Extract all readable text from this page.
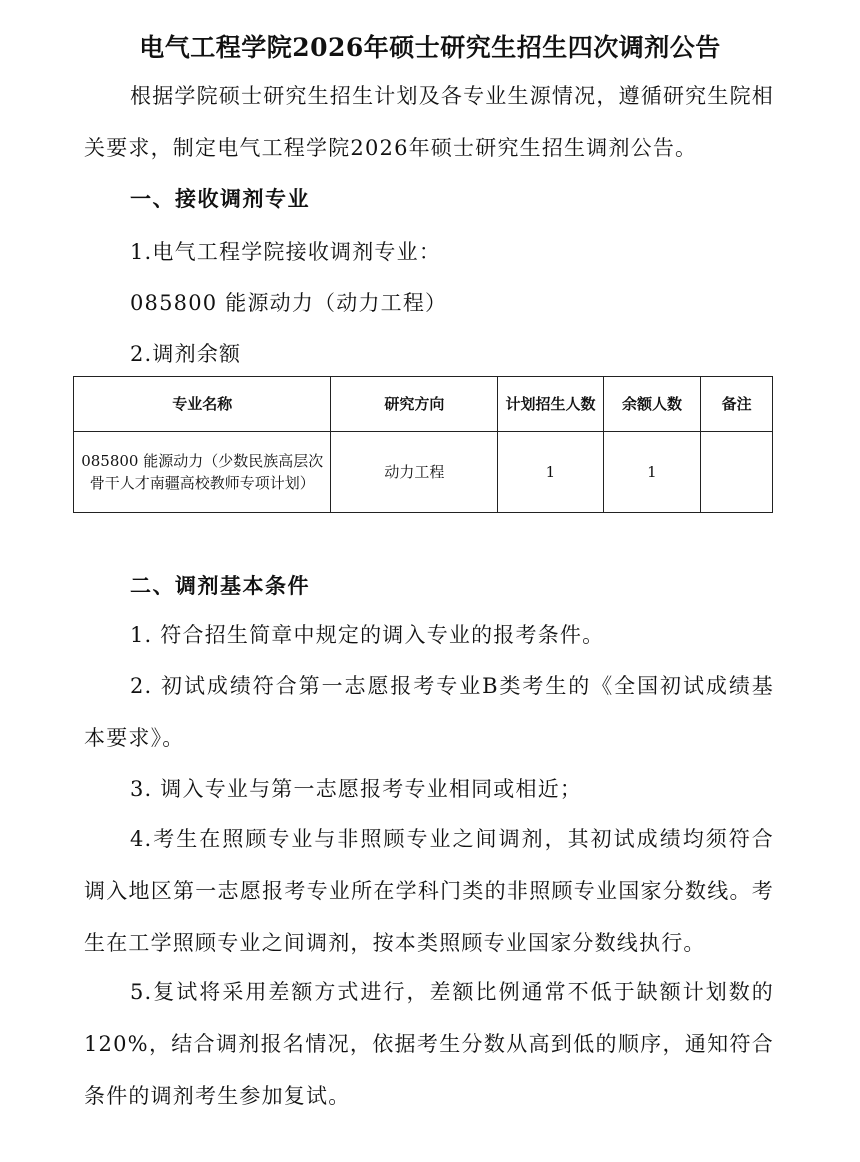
电气工程学院2026年硕士研究生招生四次调剂公告

根据学院硕士研究生招生计划及各专业生源情况，遵循研究生院相关要求，制定电气工程学院2026年硕士研究生招生调剂公告。

一、接收调剂专业
1.电气工程学院接收调剂专业：
085800 能源动力（动力工程）
2.调剂余额
专业名称	研究方向	计划招生人数	余额人数	备注
085800 能源动力（少数民族高层次骨干人才南疆高校教师专项计划）	动力工程	1	1	
二、调剂基本条件

1. 符合招生简章中规定的调入专业的报考条件。

2. 初试成绩符合第一志愿报考专业B类考生的《全国初试成绩基本要求》。

3. 调入专业与第一志愿报考专业相同或相近；

4.考生在照顾专业与非照顾专业之间调剂，其初试成绩均须符合调入地区第一志愿报考专业所在学科门类的非照顾专业国家分数线。考生在工学照顾专业之间调剂，按本类照顾专业国家分数线执行。

5.复试将采用差额方式进行，差额比例通常不低于缺额计划数的120%，结合调剂报名情况，依据考生分数从高到低的顺序，通知符合条件的调剂考生参加复试。
